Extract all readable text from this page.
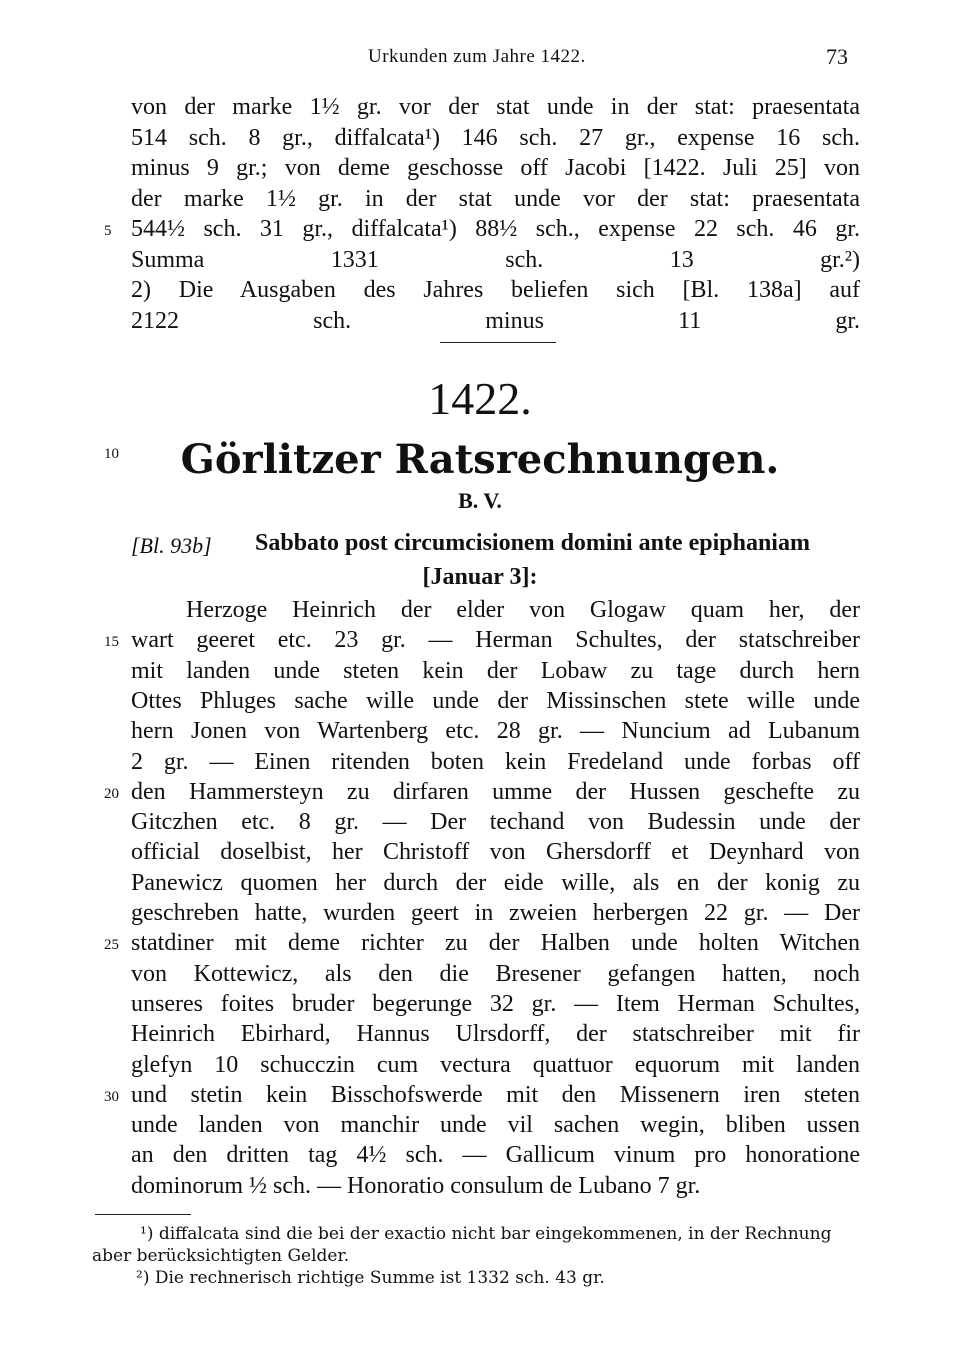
Urkunden zum Jahre 1422.	73
von der marke 1½ gr. vor der stat unde in der stat: praesentata
514 sch. 8 gr., diffalcata¹) 146 sch. 27 gr., expense 16 sch.
minus 9 gr.; von deme geschosse off Jacobi [1422. Juli 25] von
der marke 1½ gr. in der stat unde vor der stat: praesentata
5 544½ sch. 31 gr., diffalcata¹) 88½ sch., expense 22 sch. 46 gr.
Summa 1331 sch. 13 gr.²)
2) Die Ausgaben des Jahres beliefen sich [Bl. 138a] auf
2122 sch. minus 11 gr.
1422.
10	Görlitzer Ratsrechnungen.
B. V.
[Bl. 93b] Sabbato post circumcisionem domini ante epiphaniam
[Januar 3]:
Herzoge Heinrich der elder von Glogaw quam her, der
15 wart geeret etc. 23 gr. — Herman Schultes, der statschreiber
mit landen unde steten kein der Lobaw zu tage durch hern
Ottes Phluges sache wille unde der Missinschen stete wille unde
hern Jonen von Wartenberg etc. 28 gr. — Nuncium ad Lubanum
2 gr. — Einen ritenden boten kein Fredeland unde forbas off
20 den Hammersteyn zu dirfaren umme der Hussen geschefte zu
Gitczhen etc. 8 gr. — Der techand von Budessin unde der
official doselbist, her Christoff von Ghersdorff et Deynhard von
Panewicz quomen her durch der eide wille, als en der konig zu
geschreben hatte, wurden geert in zweien herbergen 22 gr. — Der
25 statdiner mit deme richter zu der Halben unde holten Witchen
von Kottewicz, als den die Bresener gefangen hatten, noch
unseres foites bruder begerunge 32 gr. — Item Herman Schultes,
Heinrich Ebirhard, Hannus Ulrsdorff, der statschreiber mit fir
glefyn 10 schucczin cum vectura quattuor equorum mit landen
30 und stetin kein Bisschofswerde mit den Missenern iren steten
unde landen von manchir unde vil sachen wegin, bliben ussen
an den dritten tag 4½ sch. — Gallicum vinum pro honoratione
dominorum ½ sch. — Honoratio consulum de Lubano 7 gr.
¹) diffalcata sind die bei der exactio nicht bar eingekommenen, in der Rechnung
aber berücksichtigten Gelder.
²) Die rechnerisch richtige Summe ist 1332 sch. 43 gr.
